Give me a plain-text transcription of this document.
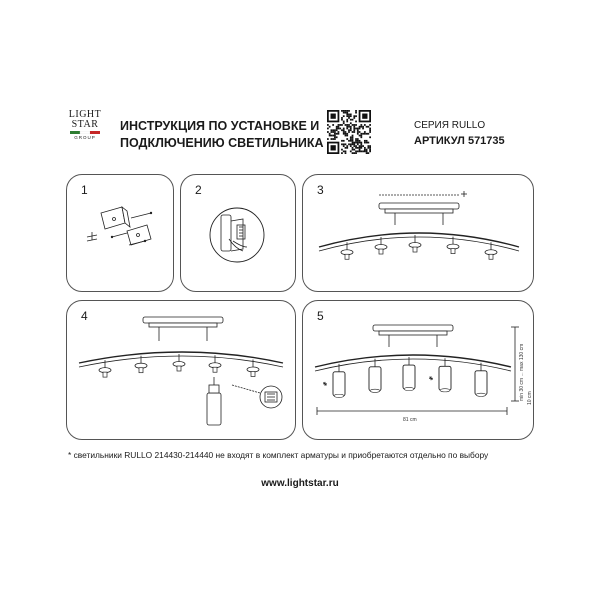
LIGHT
STAR
GROUP
ИНСТРУКЦИЯ ПО УСТАНОВКЕ И
ПОДКЛЮЧЕНИЮ СВЕТИЛЬНИКА
СЕРИЯ RULLO
АРТИКУЛ 571735
1	2	3
4	5
81 cm
min 30 cm ... max 130 cm 10 cm
* светильники RULLO 214430-214440 не входят в комплект арматуры и приобретаются отдельно по выбору
www.lightstar.ru
